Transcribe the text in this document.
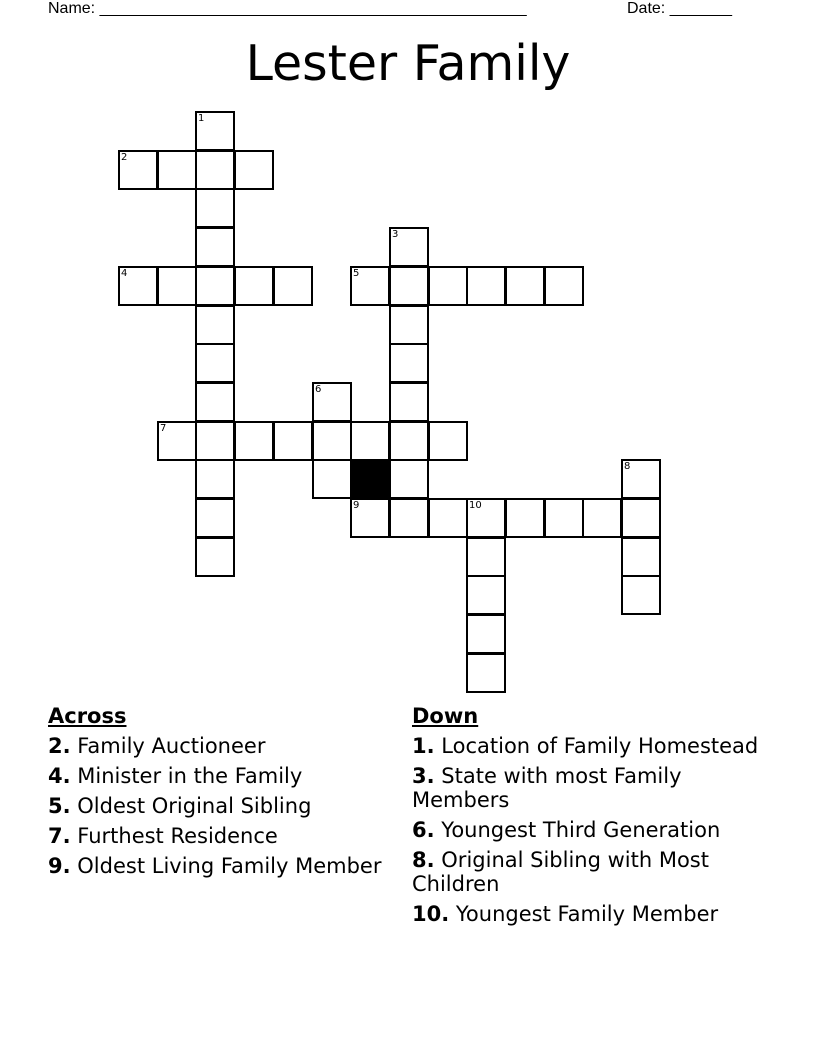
Name: ________________________________________________	Date: _______
Lester Family
1
2
3
4	5
6
7
8
9	10
Across
2. Family Auctioneer
4. Minister in the Family
5. Oldest Original Sibling
7. Furthest Residence
9. Oldest Living Family Member
Down
1. Location of Family Homestead
3. State with most Family Members
6. Youngest Third Generation
8. Original Sibling with Most Children
10. Youngest Family Member
